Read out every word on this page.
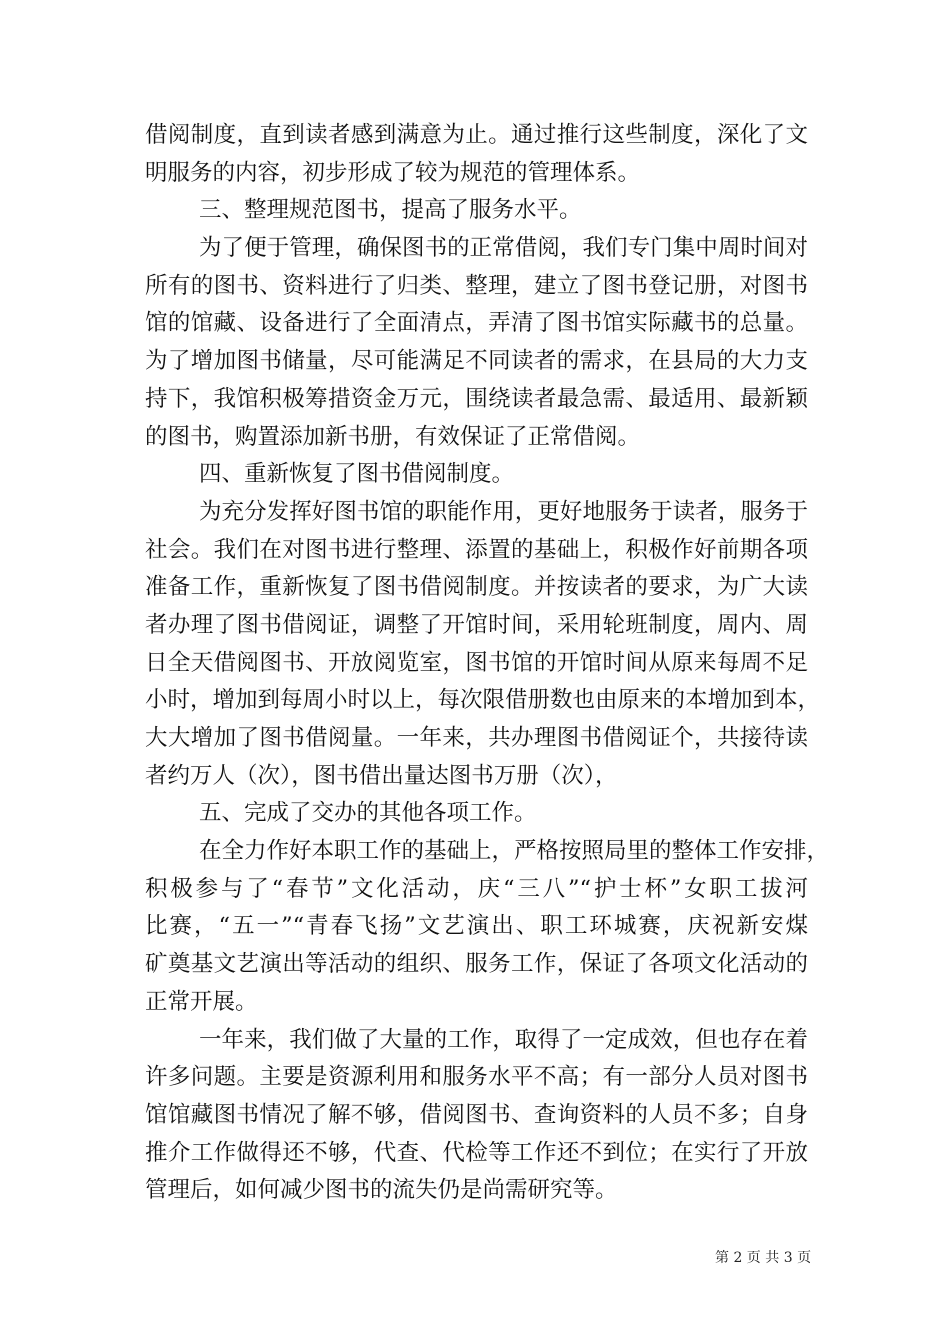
借阅制度，直到读者感到满意为止。通过推行这些制度，深化了文
明服务的内容，初步形成了较为规范的管理体系。
三、整理规范图书，提高了服务水平。
为了便于管理，确保图书的正常借阅，我们专门集中周时间对
所有的图书、资料进行了归类、整理，建立了图书登记册，对图书
馆的馆藏、设备进行了全面清点，弄清了图书馆实际藏书的总量。
为了增加图书储量，尽可能满足不同读者的需求，在县局的大力支
持下，我馆积极筹措资金万元，围绕读者最急需、最适用、最新颖
的图书，购置添加新书册，有效保证了正常借阅。
四、重新恢复了图书借阅制度。
为充分发挥好图书馆的职能作用，更好地服务于读者，服务于
社会。我们在对图书进行整理、添置的基础上，积极作好前期各项
准备工作，重新恢复了图书借阅制度。并按读者的要求，为广大读
者办理了图书借阅证，调整了开馆时间，采用轮班制度，周内、周
日全天借阅图书、开放阅览室，图书馆的开馆时间从原来每周不足
小时，增加到每周小时以上，每次限借册数也由原来的本增加到本，
大大增加了图书借阅量。一年来，共办理图书借阅证个，共接待读
者约万人（次），图书借出量达图书万册（次），
五、完成了交办的其他各项工作。
在全力作好本职工作的基础上，严格按照局里的整体工作安排，
积极参与了“春节”文化活动，庆“三八”“护士杯”女职工拔河
比赛，“五一”“青春飞扬”文艺演出、职工环城赛，庆祝新安煤
矿奠基文艺演出等活动的组织、服务工作，保证了各项文化活动的
正常开展。
一年来，我们做了大量的工作，取得了一定成效，但也存在着
许多问题。主要是资源利用和服务水平不高；有一部分人员对图书
馆馆藏图书情况了解不够，借阅图书、查询资料的人员不多；自身
推介工作做得还不够，代查、代检等工作还不到位；在实行了开放
管理后，如何减少图书的流失仍是尚需研究等。
第 2 页 共 3 页
